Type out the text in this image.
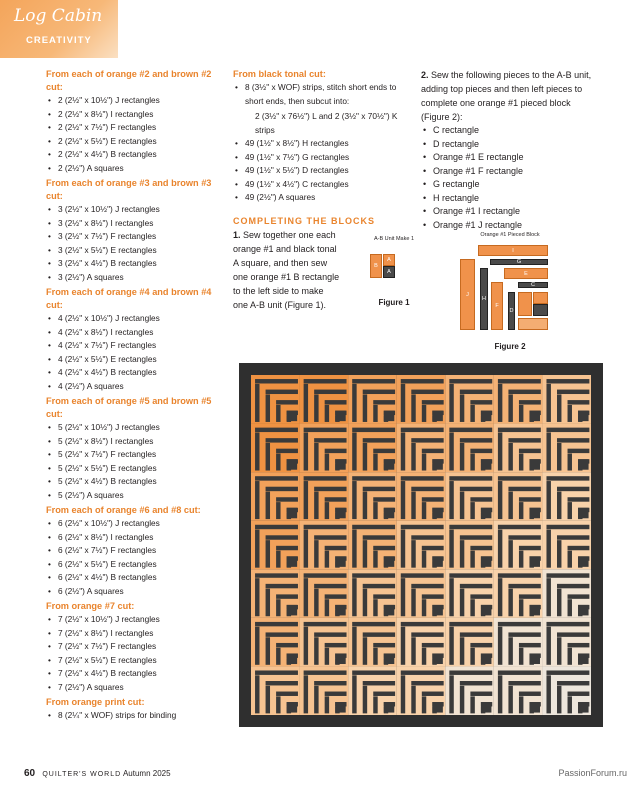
Log Cabin
CREATIVITY
From each of orange #2 and brown #2 cut:
• 2 (2½" x 10½") J rectangles
• 2 (2½" x 8½") I rectangles
• 2 (2½" x 7½") F rectangles
• 2 (2½" x 5½") E rectangles
• 2 (2½" x 4½") B rectangles
• 2 (2½") A squares
From each of orange #3 and brown #3 cut:
• 3 (2½" x 10½") J rectangles
• 3 (2½" x 8½") I rectangles
• 3 (2½" x 7½") F rectangles
• 3 (2½" x 5½") E rectangles
• 3 (2½" x 4½") B rectangles
• 3 (2½") A squares
From each of orange #4 and brown #4 cut:
• 4 (2½" x 10½") J rectangles
• 4 (2½" x 8½") I rectangles
• 4 (2½" x 7½") F rectangles
• 4 (2½" x 5½") E rectangles
• 4 (2½" x 4½") B rectangles
• 4 (2½") A squares
From each of orange #5 and brown #5 cut:
• 5 (2½" x 10½") J rectangles
• 5 (2½" x 8½") I rectangles
• 5 (2½" x 7½") F rectangles
• 5 (2½" x 5½") E rectangles
• 5 (2½" x 4½") B rectangles
• 5 (2½") A squares
From each of orange #6 and #8 cut:
• 6 (2½" x 10½") J rectangles
• 6 (2½" x 8½") I rectangles
• 6 (2½" x 7½") F rectangles
• 6 (2½" x 5½") E rectangles
• 6 (2½" x 4½") B rectangles
• 6 (2½") A squares
From orange #7 cut:
• 7 (2½" x 10½") J rectangles
• 7 (2½" x 8½") I rectangles
• 7 (2½" x 7½") F rectangles
• 7 (2½" x 5½") E rectangles
• 7 (2½" x 4½") B rectangles
• 7 (2½") A squares
From orange print cut:
• 8 (2¼" x WOF) strips for binding
From black tonal cut:
• 8 (3½" x WOF) strips, stitch short ends to short ends, then subcut into:
2 (3½" x 76½") L and 2 (3½" x 70½") K strips
• 49 (1½" x 8½") H rectangles
• 49 (1½" x 7½") G rectangles
• 49 (1½" x 5½") D rectangles
• 49 (1½" x 4½") C rectangles
• 49 (2½") A squares
COMPLETING THE BLOCKS
1. Sew together one each orange #1 and black tonal A square, and then sew one orange #1 B rectangle to the left side to make one A-B unit (Figure 1).
2. Sew the following pieces to the A-B unit, adding top pieces and then left pieces to complete one orange #1 pieced block (Figure 2):
• C rectangle
• D rectangle
• Orange #1 E rectangle
• Orange #1 F rectangle
• G rectangle
• H rectangle
• Orange #1 I rectangle
• Orange #1 J rectangle
A-B Unit Make 1
B
A
A
Figure 1
Orange #1 Pieced Block
I
G
E
C
J
H
F
D
Figure 2
60 QUILTER'S WORLD Autumn 2025	PassionForum.ru
